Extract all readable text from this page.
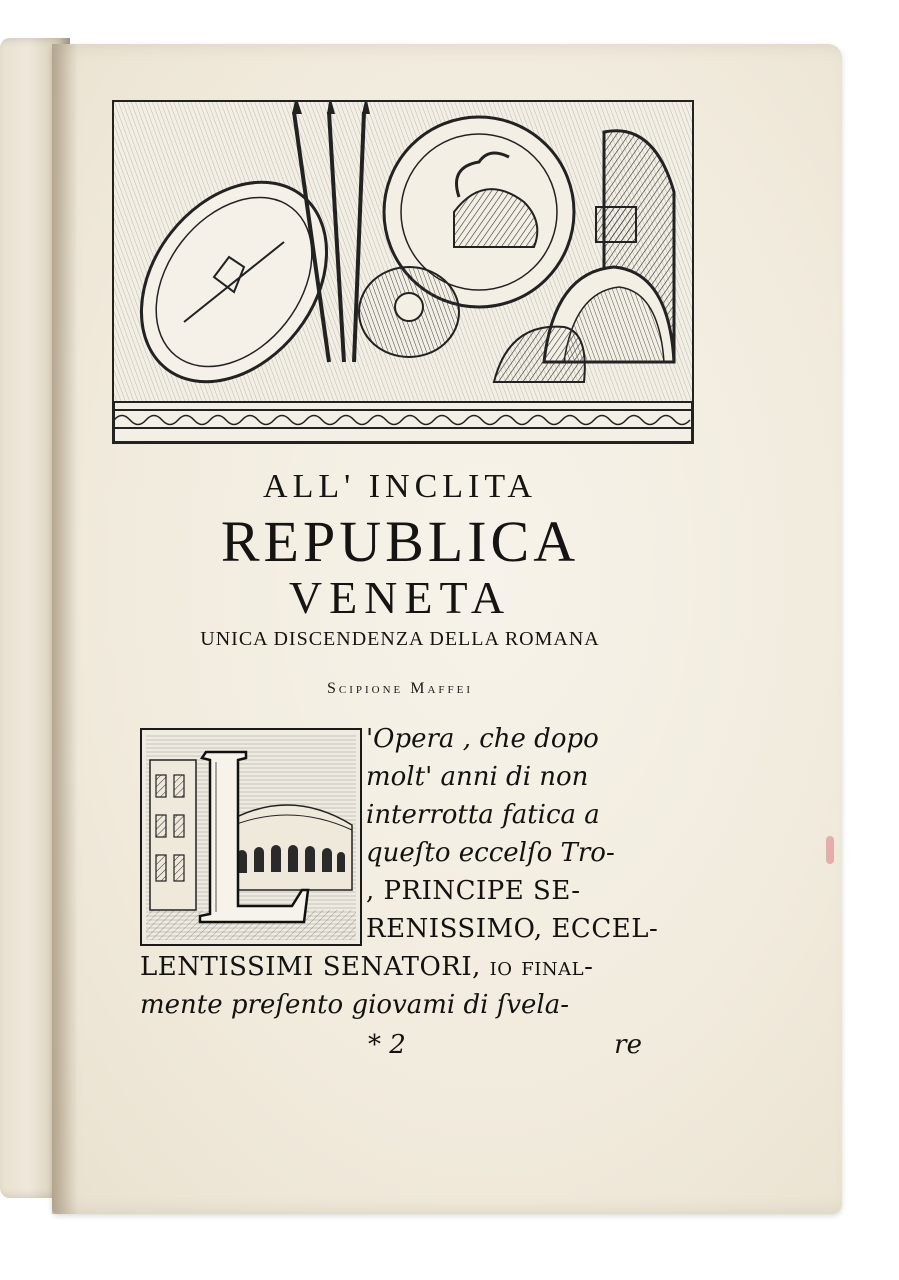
ALL' INCLITA
REPUBLICA
VENETA
UNICA DISCENDENZA DELLA ROMANA
Scipione Maffei
'Opera , che dopo
molt' anni di non
interrotta fatica a
queſto eccelſo Tro-
, PRINCIPE SE-
RENISSIMO, ECCEL-
LENTISSIMI SENATORI, io final-
mente preſento giovami di ſvela-
* 2	re
